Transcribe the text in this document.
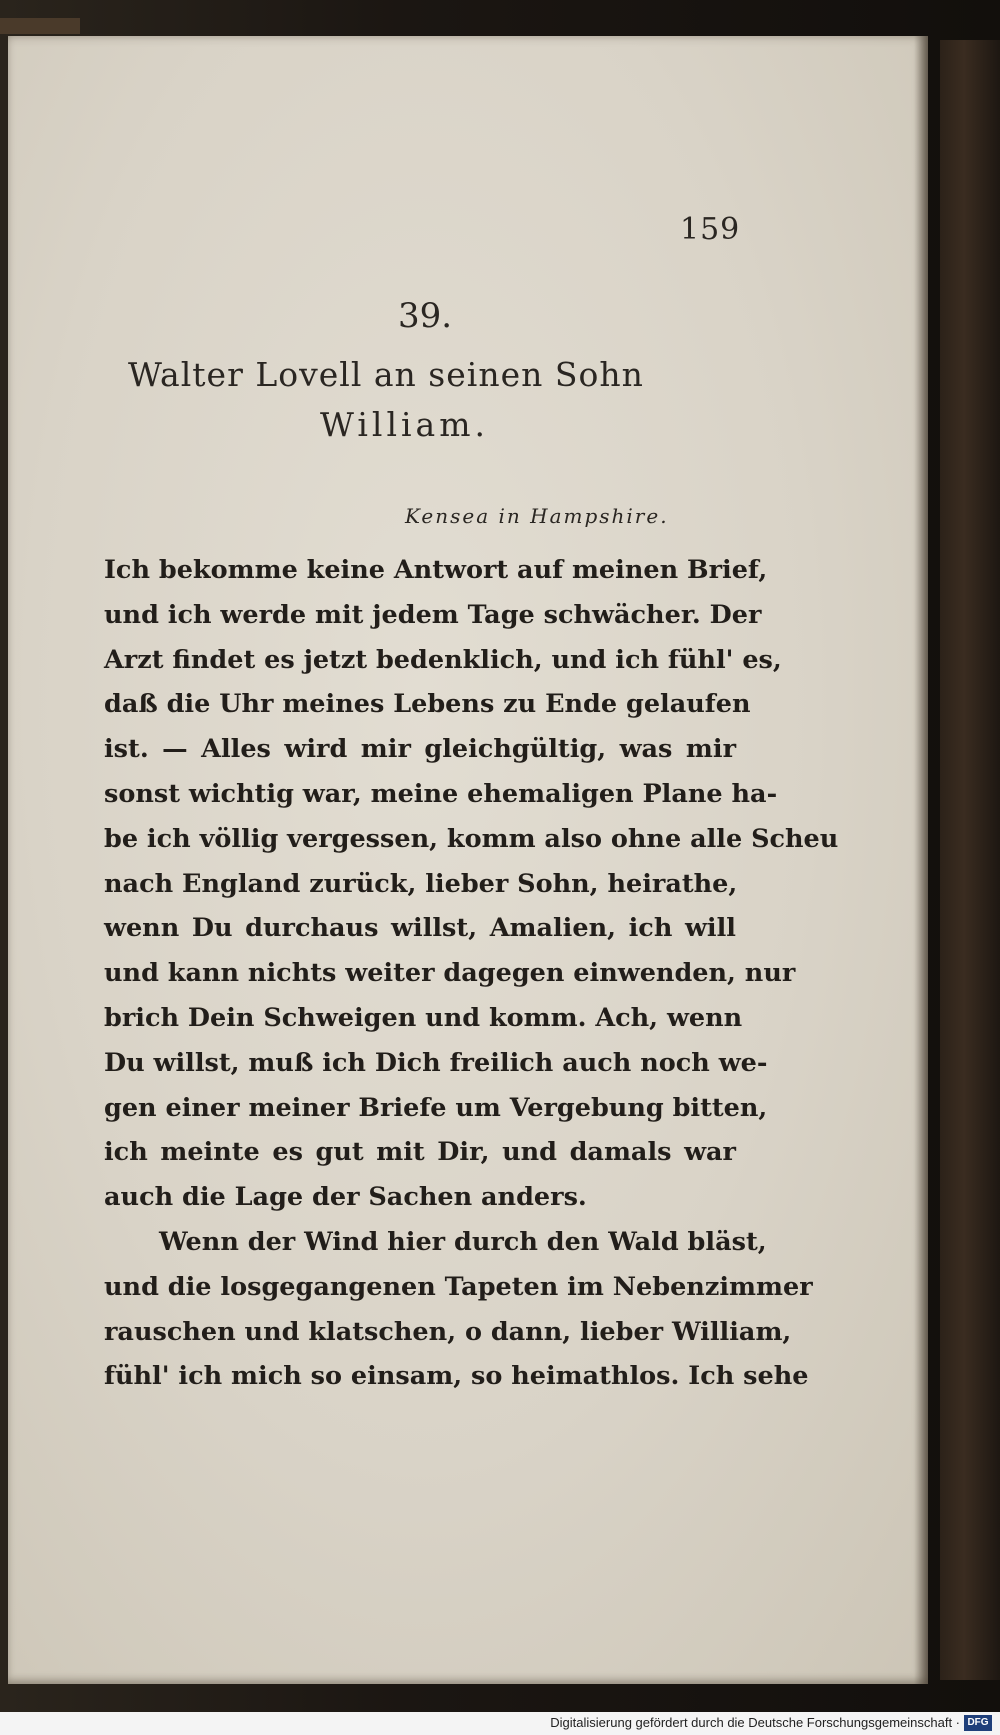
159
39.
Walter Lovell an seinen Sohn
William.
Kensea in Hampshire.
Ich bekomme keine Antwort auf meinen Brief,
und ich werde mit jedem Tage schwächer. Der
Arzt findet es jetzt bedenklich, und ich fühl' es,
daß die Uhr meines Lebens zu Ende gelaufen
ist. — Alles wird mir gleichgültig, was mir
sonst wichtig war, meine ehemaligen Plane ha-
be ich völlig vergessen, komm also ohne alle Scheu
nach England zurück, lieber Sohn, heirathe,
wenn Du durchaus willst, Amalien, ich will
und kann nichts weiter dagegen einwenden, nur
brich Dein Schweigen und komm. Ach, wenn
Du willst, muß ich Dich freilich auch noch we-
gen einer meiner Briefe um Vergebung bitten,
ich meinte es gut mit Dir, und damals war
auch die Lage der Sachen anders.
Wenn der Wind hier durch den Wald bläst,
und die losgegangenen Tapeten im Nebenzimmer
rauschen und klatschen, o dann, lieber William,
fühl' ich mich so einsam, so heimathlos. Ich sehe
Digitalisierung gefördert durch die Deutsche Forschungsgemeinschaft · DFG
